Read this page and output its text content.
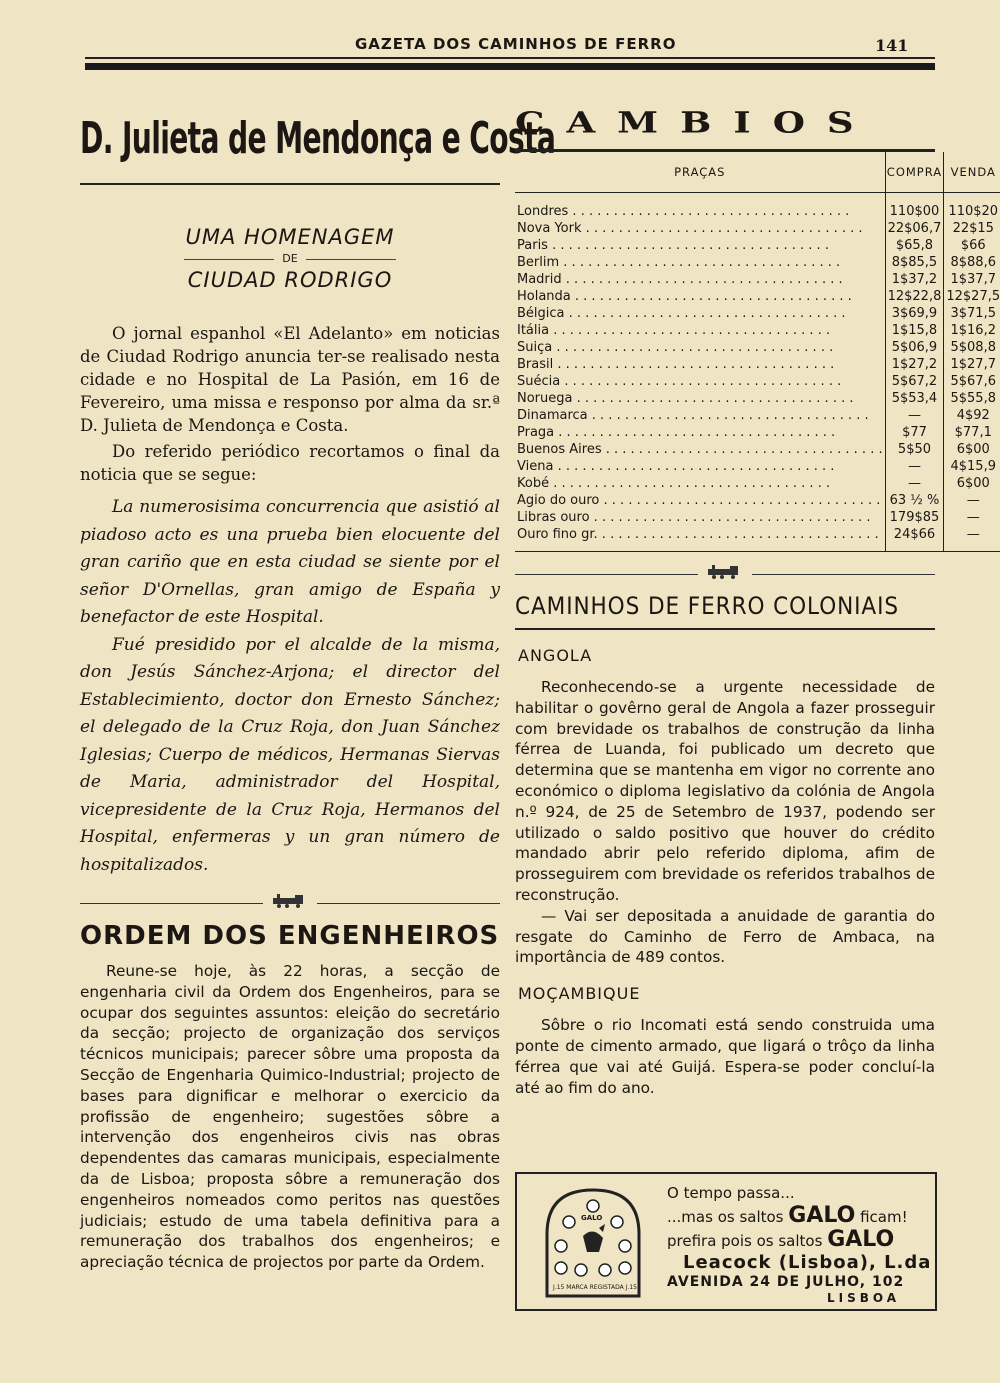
GAZETA DOS CAMINHOS DE FERRO	141
D. Julieta de Mendonça e Costa
UMA HOMENAGEM
DE
CIUDAD RODRIGO

O jornal espanhol «El Adelanto» em noticias de Ciudad Rodrigo anuncia ter-se realisado nesta cidade e no Hospital de La Pasión, em 16 de Fevereiro, uma missa e responso por alma da sr.ª D. Julieta de Mendonça e Costa.

Do referido periódico recortamos o final da noticia que se segue:

La numerosisima concurrencia que asistió al piadoso acto es una prueba bien elocuente del gran cariño que en esta ciudad se siente por el señor D'Ornellas, gran amigo de España y benefactor de este Hospital.

Fué presidido por el alcalde de la misma, don Jesús Sánchez-Arjona; el director del Establecimiento, doctor don Ernesto Sánchez; el delegado de la Cruz Roja, don Juan Sánchez Iglesias; Cuerpo de médicos, Hermanas Siervas de Maria, administrador del Hospital, vicepresidente de la Cruz Roja, Hermanos del Hospital, enfermeras y un gran número de hospitalizados.

ORDEM DOS ENGENHEIROS

Reune-se hoje, às 22 horas, a secção de engenharia civil da Ordem dos Engenheiros, para se ocupar dos seguintes assuntos: eleição do secretário da secção; projecto de organização dos serviços técnicos municipais; parecer sôbre uma proposta da Secção de Engenharia Quimico-Industrial; projecto de bases para dignificar e melhorar o exercicio da profissão de engenheiro; sugestões sôbre a intervenção dos engenheiros civis nas obras dependentes das camaras municipais, especialmente da de Lisboa; proposta sôbre a remuneração dos engenheiros nomeados como peritos nas questões judiciais; estudo de uma tabela definitiva para a remuneração dos trabalhos dos engenheiros; e apreciação técnica de projectos por parte da Ordem.

CAMBIOS
PRAÇAS	COMPRA	VENDA

Londres . . .	110$00	110$20

Nova York . . .	22$06,7	22$15

Paris . . .	$65,8	$66

Berlim . . .	8$85,5	8$88,6

Madrid . . .	1$37,2	1$37,7

Holanda . . .	12$22,8	12$27,5

Bélgica . . .	3$69,9	3$71,5

Itália . . .	1$15,8	1$16,2

Suiça . . .	5$06,9	5$08,8

Brasil . . .	1$27,2	1$27,7

Suécia . . .	5$67,2	5$67,6

Noruega . . .	5$53,4	5$55,8

Dinamarca . . .	—	4$92

Praga . . .	$77	$77,1

Buenos Aires . . .	5$50	6$00

Viena . . .	—	4$15,9

Kobé . . .	—	6$00

Agio do ouro . . .	63 ½ %	—

Libras ouro . . .	179$85	—

Ouro fino gr. . . .	24$66	—
CAMINHOS DE FERRO COLONIAIS
ANGOLA

Reconhecendo-se a urgente necessidade de habilitar o govêrno geral de Angola a fazer prosseguir com brevidade os trabalhos de construção da linha férrea de Luanda, foi publicado um decreto que determina que se mantenha em vigor no corrente ano económico o diploma legislativo da colónia de Angola n.º 924, de 25 de Setembro de 1937, podendo ser utilizado o saldo positivo que houver do crédito mandado abrir pelo referido diploma, afim de prosseguirem com brevidade os referidos trabalhos de reconstrução.

— Vai ser depositada a anuidade de garantia do resgate do Caminho de Ferro de Ambaca, na importância de 489 contos.

MOÇAMBIQUE

Sôbre o rio Incomati está sendo construida uma ponte de cimento armado, que ligará o trôço da linha férrea que vai até Guijá. Espera-se poder concluí-la até ao fim do ano.

GALO
J.15 MARCA REGISTADA J.15
O tempo passa...
...mas os saltos GALO ficam!
prefira pois os saltos GALO
Leacock (Lisboa), L.da
AVENIDA 24 DE JULHO, 102
LISBOA
